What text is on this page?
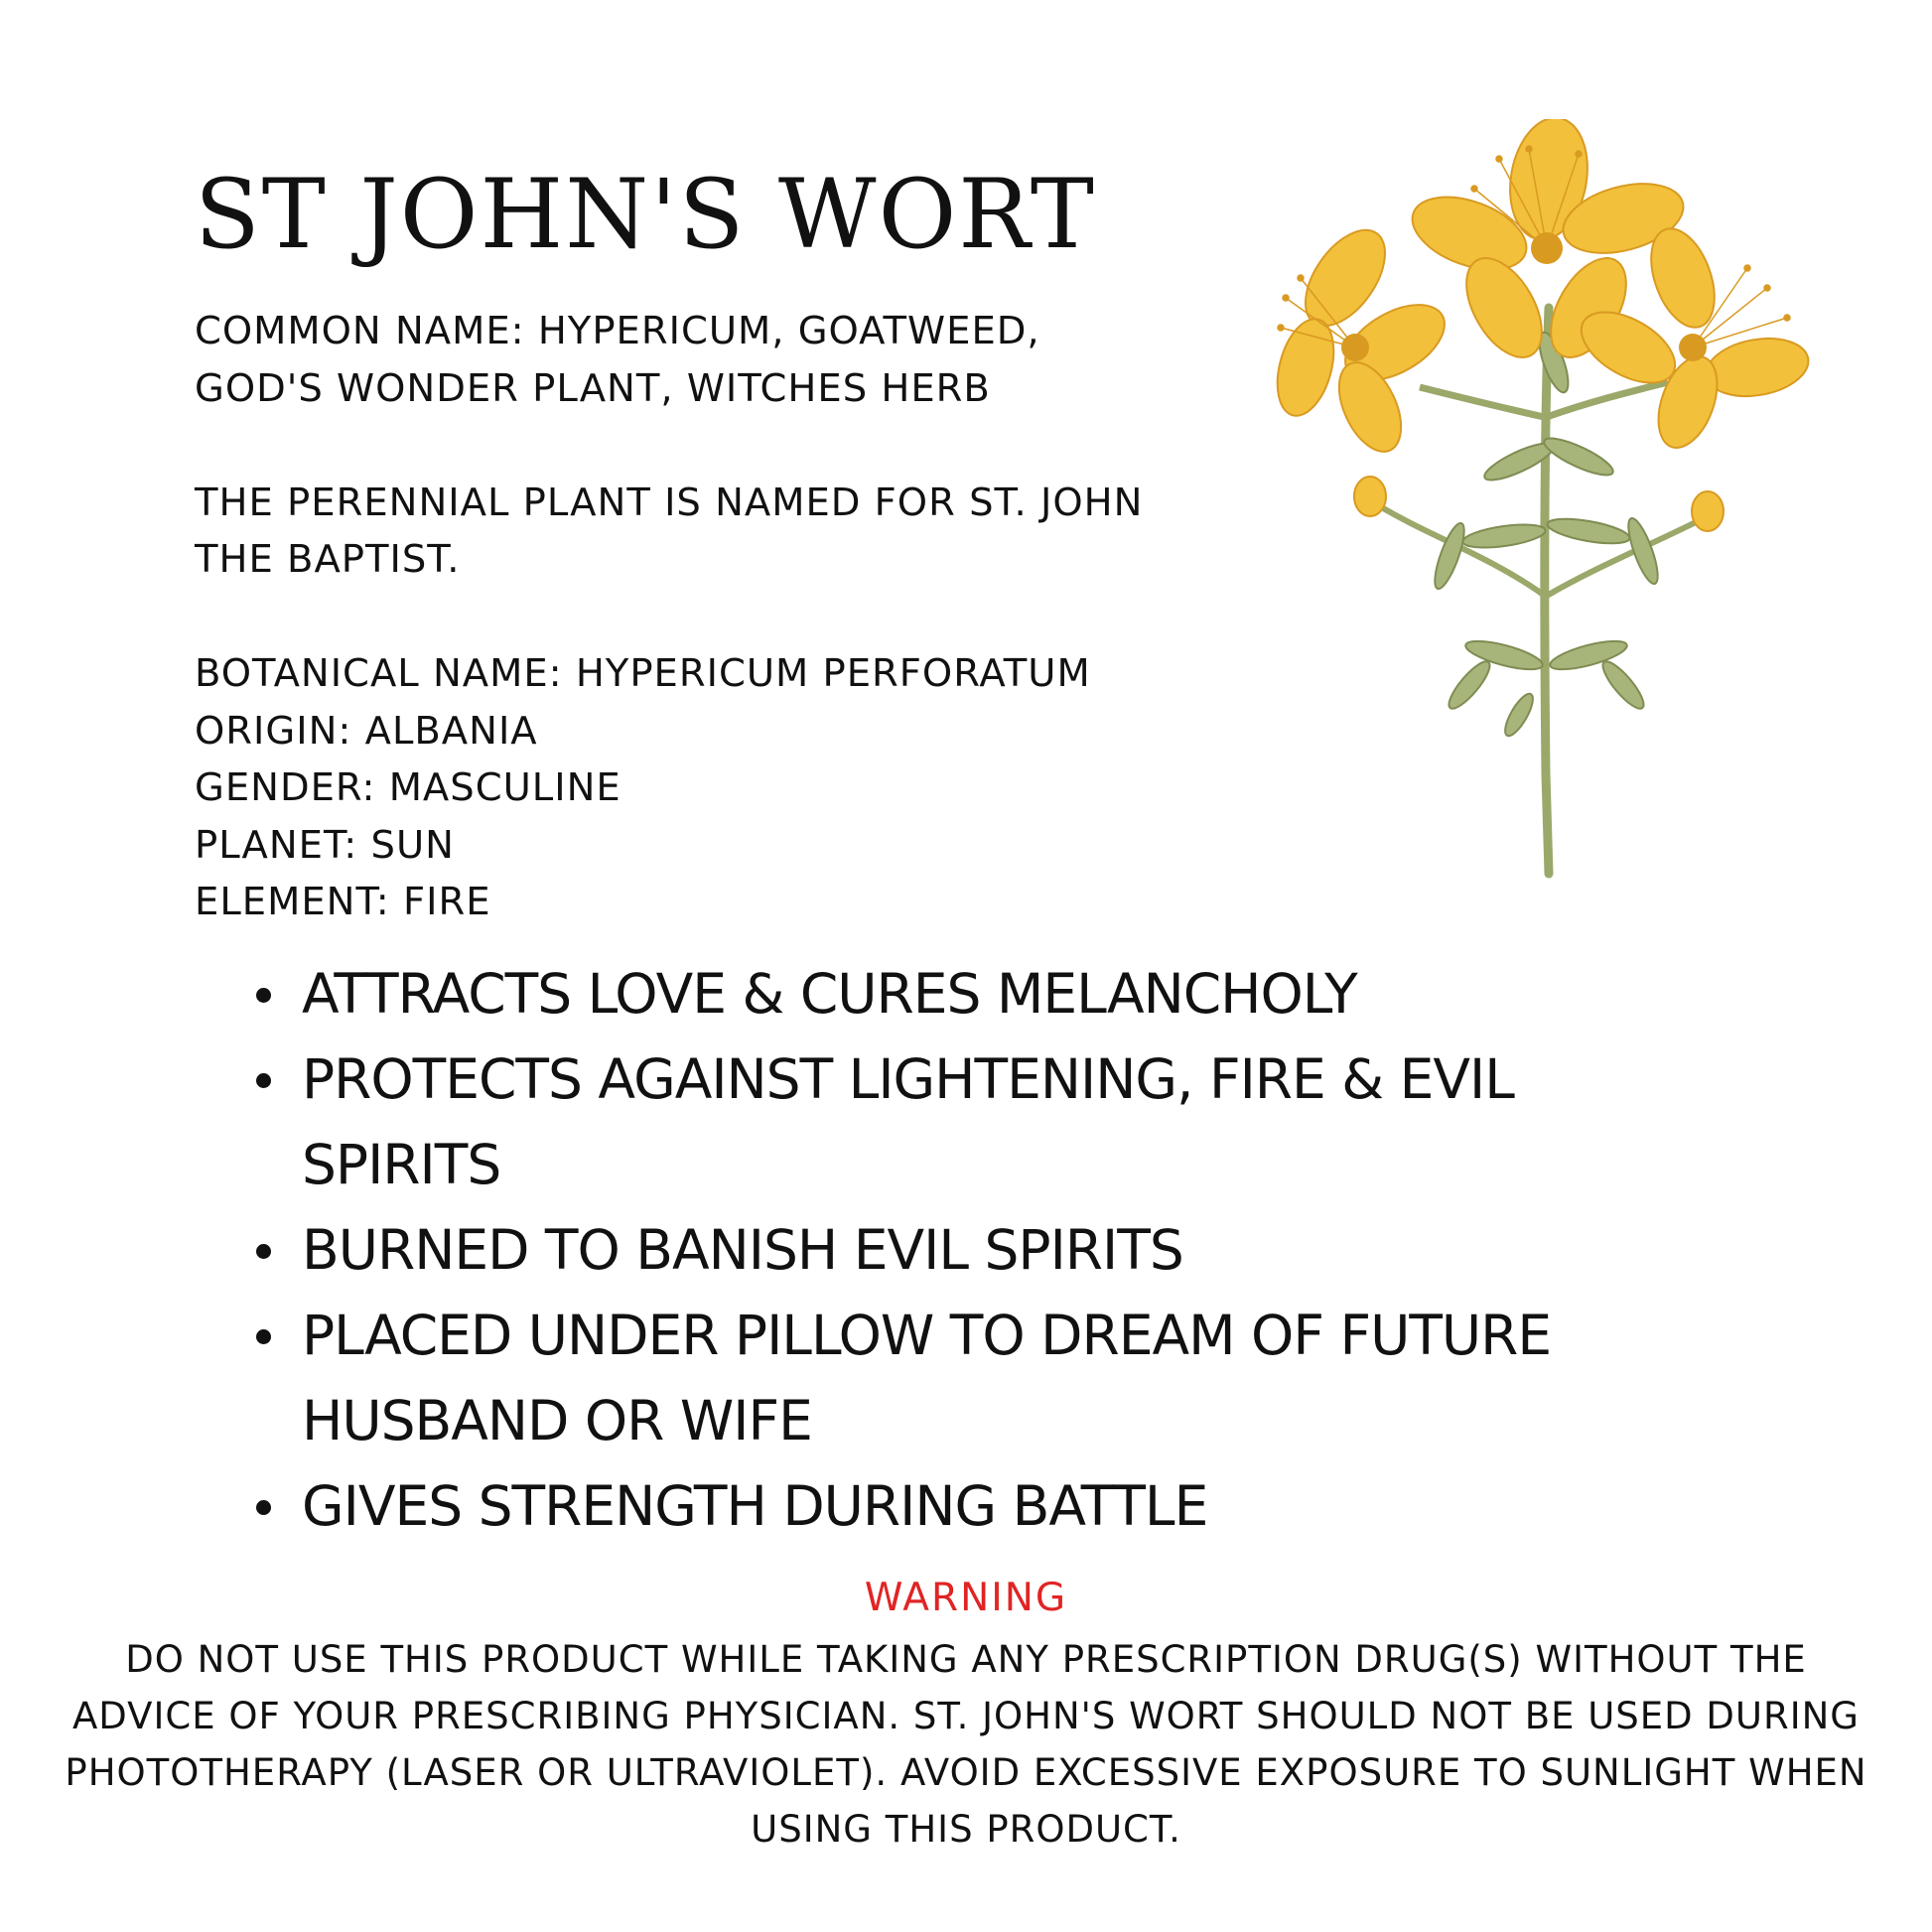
ST JOHN'S WORT
COMMON NAME: HYPERICUM, GOATWEED,
GOD'S WONDER PLANT, WITCHES HERB
THE PERENNIAL PLANT IS NAMED FOR ST. JOHN
THE BAPTIST.
BOTANICAL NAME: HYPERICUM PERFORATUM
ORIGIN: ALBANIA
GENDER: MASCULINE
PLANET: SUN
ELEMENT: FIRE
ATTRACTS LOVE & CURES MELANCHOLY
PROTECTS AGAINST LIGHTENING, FIRE & EVIL
SPIRITS
BURNED TO BANISH EVIL SPIRITS
PLACED UNDER PILLOW TO DREAM OF FUTURE
HUSBAND OR WIFE
GIVES STRENGTH DURING BATTLE
WARNING
DO NOT USE THIS PRODUCT WHILE TAKING ANY PRESCRIPTION DRUG(S) WITHOUT THE ADVICE OF YOUR PRESCRIBING PHYSICIAN. ST. JOHN'S WORT SHOULD NOT BE USED DURING PHOTOTHERAPY (LASER OR ULTRAVIOLET). AVOID EXCESSIVE EXPOSURE TO SUNLIGHT WHEN USING THIS PRODUCT.
